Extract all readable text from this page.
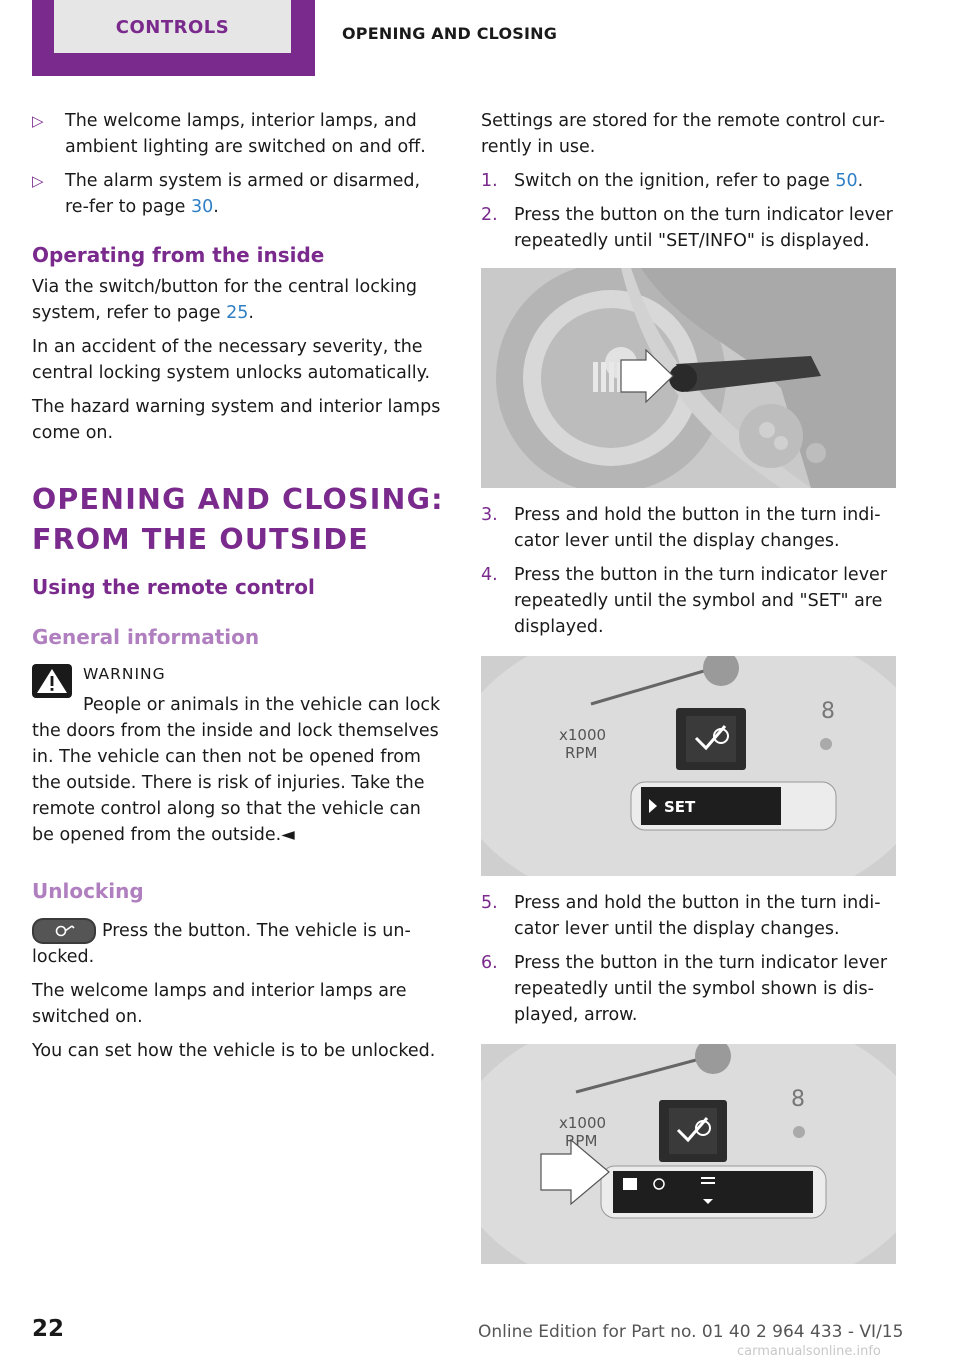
CONTROLS	OPENING AND CLOSING
▷ The welcome lamps, interior lamps, and ambient lighting are switched on and off.
▷ The alarm system is armed or disarmed, re-fer to page 30.
Operating from the inside

Via the switch/button for the central locking system, refer to page 25.

In an accident of the necessary severity, the central locking system unlocks automatically.

The hazard warning system and interior lamps come on.

OPENING AND CLOSING:
FROM THE OUTSIDE
Using the remote control
General information
WARNING
People or animals in the vehicle can lock the doors from the inside and lock themselves in. The vehicle can then not be opened from the outside. There is risk of injuries. Take the remote control along so that the vehicle can be opened from the outside.◄
Unlocking

Press the button. The vehicle is un-locked.

The welcome lamps and interior lamps are switched on.

You can set how the vehicle is to be unlocked.

Settings are stored for the remote control cur-rently in use.

1. Switch on the ignition, refer to page 50.
2. Press the button on the turn indicator lever repeatedly until "SET/INFO" is displayed.
3. Press and hold the button in the turn indi-cator lever until the display changes.
4. Press the button in the turn indicator lever repeatedly until the symbol and "SET" are displayed.
x1000
RPM
8
SET
5. Press and hold the button in the turn indi-cator lever until the display changes.
6. Press the button in the turn indicator lever repeatedly until the symbol shown is dis-played, arrow.
x1000
RPM
8
22	Online Edition for Part no. 01 40 2 964 433 - VI/15
carmanualsonline.info
